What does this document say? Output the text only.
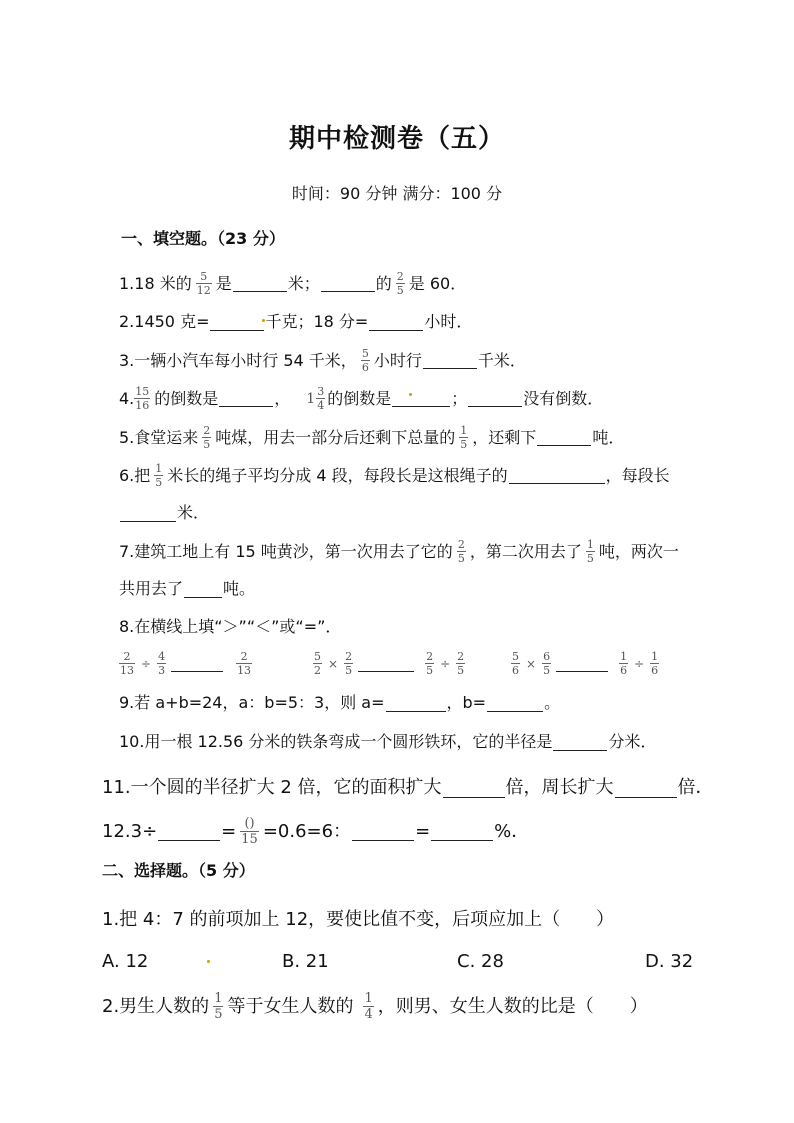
期中检测卷（五）
时间：90 分钟 满分：100 分
一、填空题。（23 分）
1.18 米的 $\frac{5}{12}$ 是	米；	的 $\frac{2}{5}$ 是 60．
2.1450 克=	千克；18 分=	小时．
3.一辆小汽车每小时行 54 千米， $\frac{5}{6}$ 小时行	千米．
4. $\frac{15}{16}$ 的倒数是	， $1 \frac{3}{4}$ 的倒数是	；	没有倒数．
5.食堂运来 $\frac{2}{5}$ 吨煤，用去一部分后还剩下总量的 $\frac{1}{5}$ ，还剩下	吨．
6.把 $\frac{1}{5}$ 米长的绳子平均分成 4 段，每段长是这根绳子的	，每段长
米．
7.建筑工地上有 15 吨黄沙，第一次用去了它的 $\frac{2}{5}$ ，第二次用去了 $\frac{1}{5}$ 吨，两次一
共用去了	吨。
8.在横线上填“＞”“＜”或“=”．
$\frac{2}{13} \div \frac{4}{3}$	$\frac{2}{13}$	$\frac{5}{2} \times \frac{2}{5}$	$\frac{2}{5} \div \frac{2}{5}$	$\frac{5}{6} \times \frac{6}{5}$	$\frac{1}{6} \div \frac{1}{6}$
9.若 a+b=24，a：b=5：3，则 a=	，b=	。
10.用一根 12.56 分米的铁条弯成一个圆形铁环，它的半径是	分米．
11.一个圆的半径扩大 2 倍，它的面积扩大	倍，周长扩大	倍．
12.3÷	= $\frac{()}{15} =0.6=6$：	=	%．
二、选择题。（5 分）
1.把 4：7 的前项加上 12，要使比值不变，后项应加上（　　）
A. 12	B. 21	C. 28	D. 32
2.男生人数的 $\frac{1}{5}$ 等于女生人数的 $\frac{1}{4}$ ，则男、女生人数的比是（　　）
